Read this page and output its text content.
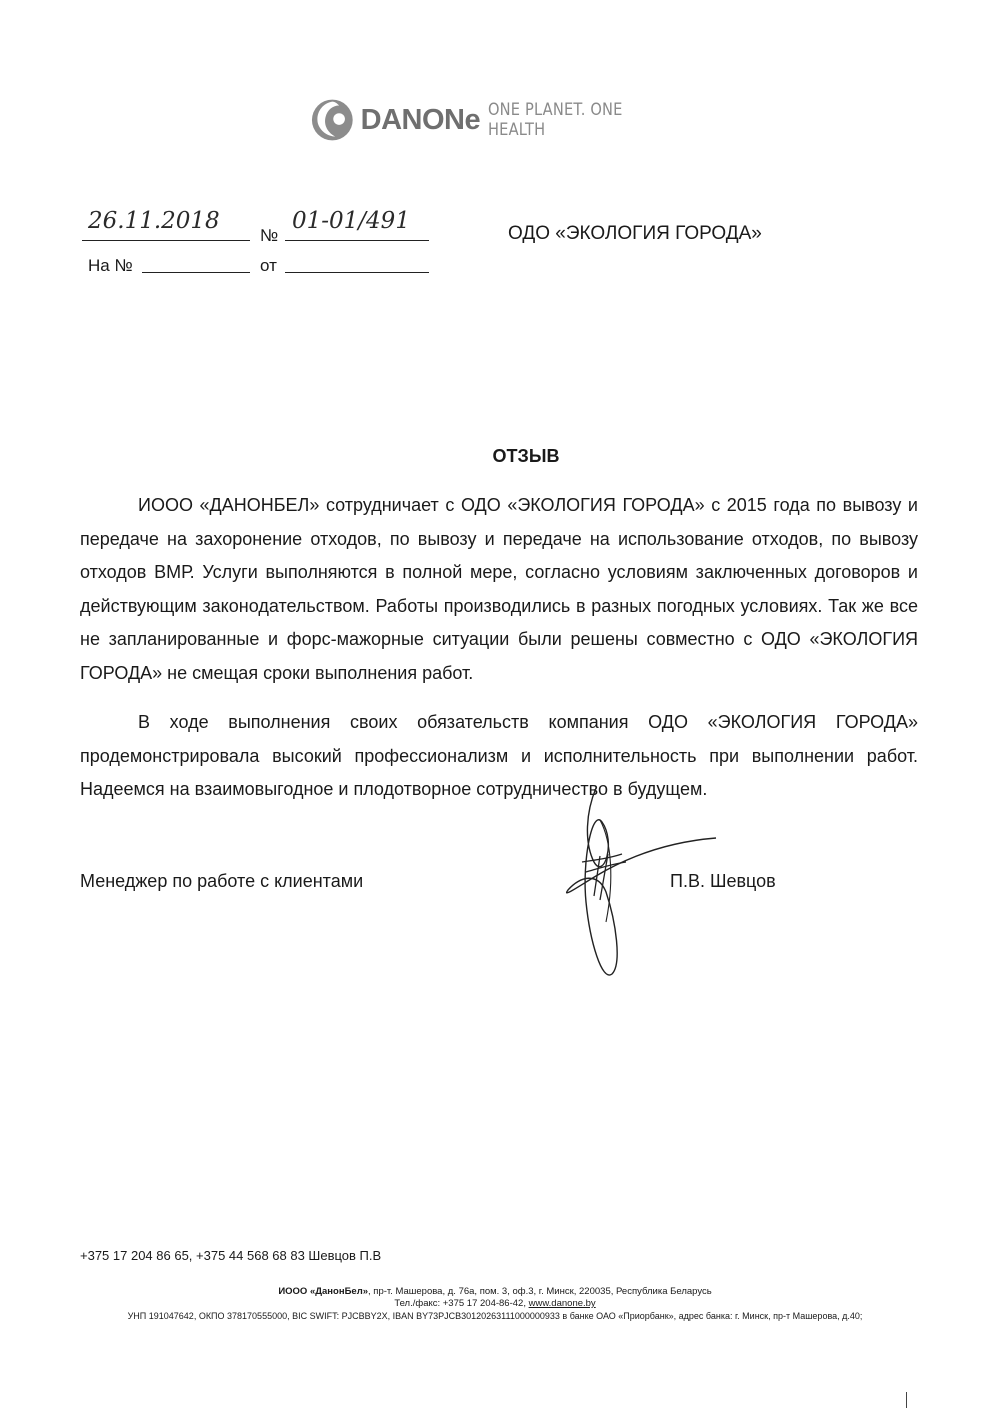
DANONe ONE PLANET. ONE HEALTH
26.11.2018
№
01-01/491
На №	от
ОДО «ЭКОЛОГИЯ ГОРОДА»
ОТЗЫВ
ИООО «ДАНОНБЕЛ» сотрудничает с ОДО «ЭКОЛОГИЯ ГОРОДА» с 2015 года по вывозу и передаче на захоронение отходов, по вывозу и передаче на использование отходов, по вывозу отходов ВМР. Услуги выполняются в полной мере, согласно условиям заключенных договоров и действующим законодательством. Работы производились в разных погодных условиях. Так же все не запланированные и форс-мажорные ситуации были решены совместно с ОДО «ЭКОЛОГИЯ ГОРОДА» не смещая сроки выполнения работ.
В ходе выполнения своих обязательств компания ОДО «ЭКОЛОГИЯ ГОРОДА» продемонстрировала высокий профессионализм и исполнительность при выполнении работ. Надеемся на взаимовыгодное и плодотворное сотрудничество в будущем.
Менеджер по работе с клиентами	П.В. Шевцов
+375 17 204 86 65, +375 44 568 68 83 Шевцов П.В
ИООО «ДанонБел», пр-т. Машерова, д. 76а, пом. 3, оф.3, г. Минск, 220035, Республика Беларусь
Тел./факс: +375 17 204-86-42, www.danone.by
УНП 191047642, ОКПО 378170555000, BIC SWIFT: PJCBBY2X, IBAN BY73PJCB30120263111000000933 в банке ОАО «Приорбанк», адрес банка: г. Минск, пр-т Машерова, д.40;
